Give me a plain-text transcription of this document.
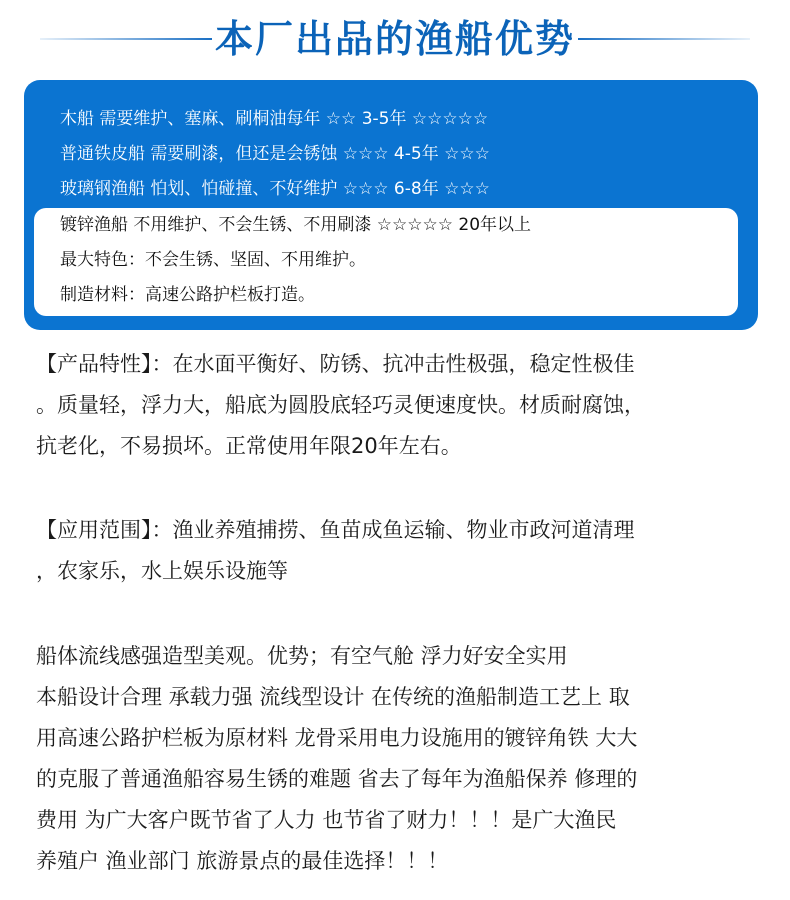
本厂出品的渔船优势
木船 需要维护、塞麻、刷桐油每年 ☆☆ 3-5年 ☆☆☆☆☆
普通铁皮船 需要刷漆，但还是会锈蚀 ☆☆☆ 4-5年 ☆☆☆
玻璃钢渔船 怕划、怕碰撞、不好维护 ☆☆☆ 6-8年 ☆☆☆
镀锌渔船 不用维护、不会生锈、不用刷漆 ☆☆☆☆☆ 20年以上
最大特色：不会生锈、坚固、不用维护。
制造材料：高速公路护栏板打造。
【产品特性】：在水面平衡好、防锈、抗冲击性极强，稳定性极佳
。质量轻，浮力大，船底为圆股底轻巧灵便速度快。材质耐腐蚀，
抗老化，不易损坏。正常使用年限20年左右。
【应用范围】：渔业养殖捕捞、鱼苗成鱼运输、物业市政河道清理
，农家乐，水上娱乐设施等
船体流线感强造型美观。优势；有空气舱 浮力好安全实用
本船设计合理 承载力强 流线型设计 在传统的渔船制造工艺上 取
用高速公路护栏板为原材料 龙骨采用电力设施用的镀锌角铁 大大
的克服了普通渔船容易生锈的难题 省去了每年为渔船保养 修理的
费用 为广大客户既节省了人力 也节省了财力！！！是广大渔民
养殖户 渔业部门 旅游景点的最佳选择！！！
